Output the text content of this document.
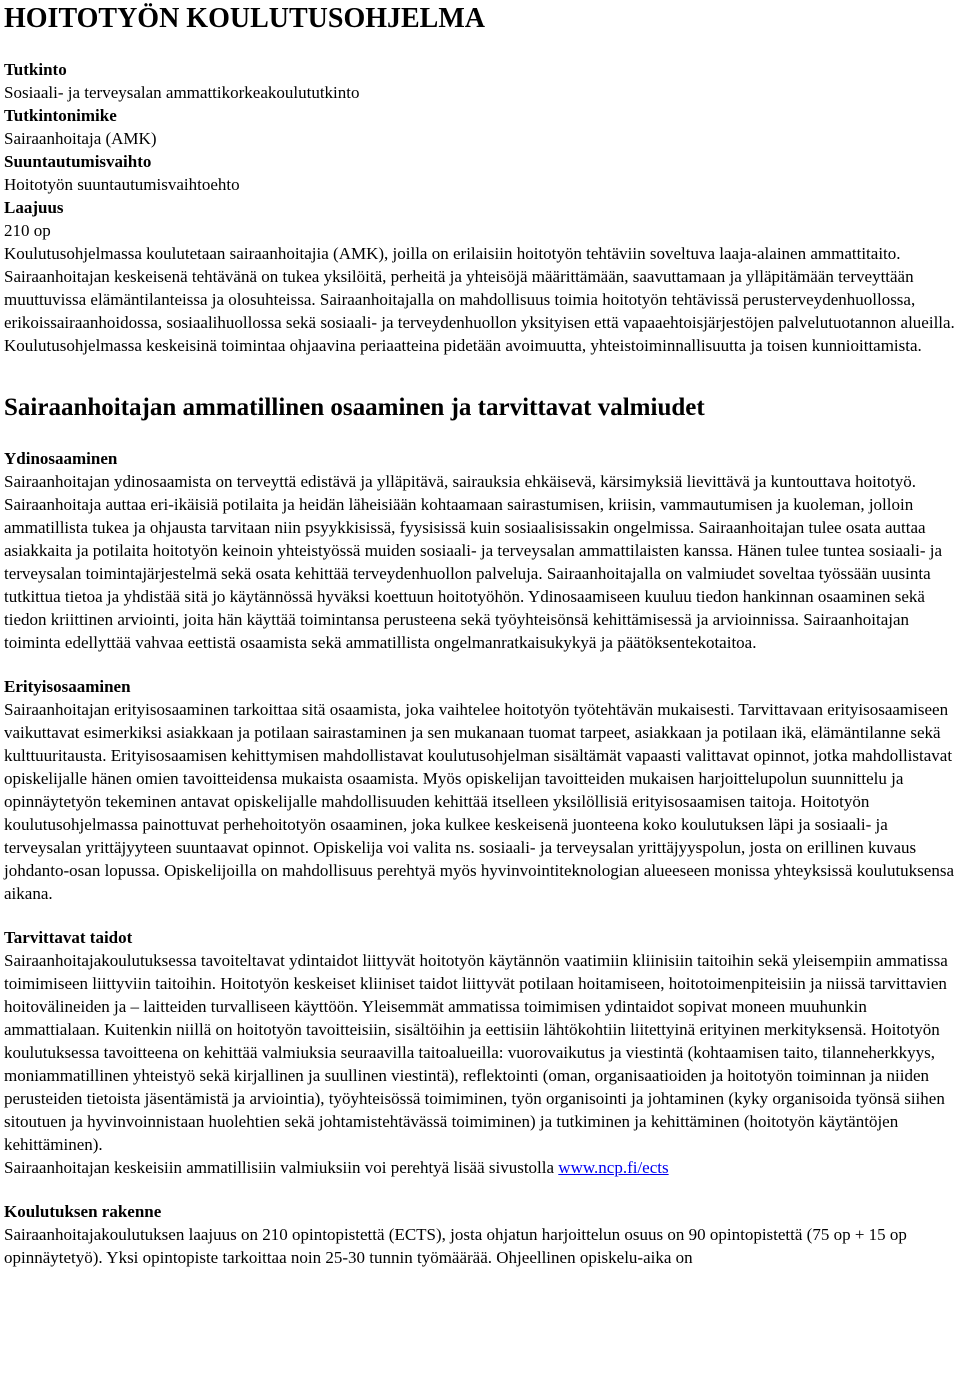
HOITOTYÖN KOULUTUSOHJELMA
Tutkinto
Sosiaali- ja terveysalan ammattikorkeakoulututkinto
Tutkintonimike
Sairaanhoitaja (AMK)
Suuntautumisvaihto
Hoitotyön suuntautumisvaihtoehto
Laajuus
210 op

Koulutusohjelmassa koulutetaan sairaanhoitajia (AMK), joilla on erilaisiin hoitotyön tehtäviin soveltuva laaja-alainen ammattitaito. Sairaanhoitajan keskeisenä tehtävänä on tukea yksilöitä, perheitä ja yhteisöjä määrittämään, saavuttamaan ja ylläpitämään terveyttään muuttuvissa elämäntilanteissa ja olosuhteissa. Sairaanhoitajalla on mahdollisuus toimia hoitotyön tehtävissä perusterveydenhuollossa, erikoissairaanhoidossa, sosiaalihuollossa sekä sosiaali- ja terveydenhuollon yksityisen että vapaaehtoisjärjestöjen palvelutuotannon alueilla. Koulutusohjelmassa keskeisinä toimintaa ohjaavina periaatteina pidetään avoimuutta, yhteistoiminnallisuutta ja toisen kunnioittamista.

Sairaanhoitajan ammatillinen osaaminen ja tarvittavat valmiudet
Ydinosaaminen

Sairaanhoitajan ydinosaamista on terveyttä edistävä ja ylläpitävä, sairauksia ehkäisevä, kärsimyksiä lievittävä ja kuntouttava hoitotyö. Sairaanhoitaja auttaa eri-ikäisiä potilaita ja heidän läheisiään kohtaamaan sairastumisen, kriisin, vammautumisen ja kuoleman, jolloin ammatillista tukea ja ohjausta tarvitaan niin psyykkisissä, fyysisissä kuin sosiaalisissakin ongelmissa. Sairaanhoitajan tulee osata auttaa asiakkaita ja potilaita hoitotyön keinoin yhteistyössä muiden sosiaali- ja terveysalan ammattilaisten kanssa. Hänen tulee tuntea sosiaali- ja terveysalan toimintajärjestelmä sekä osata kehittää terveydenhuollon palveluja. Sairaanhoitajalla on valmiudet soveltaa työssään uusinta tutkittua tietoa ja yhdistää sitä jo käytännössä hyväksi koettuun hoitotyöhön. Ydinosaamiseen kuuluu tiedon hankinnan osaaminen sekä tiedon kriittinen arviointi, joita hän käyttää toimintansa perusteena sekä työyhteisönsä kehittämisessä ja arvioinnissa. Sairaanhoitajan toiminta edellyttää vahvaa eettistä osaamista sekä ammatillista ongelmanratkaisukykyä ja päätöksentekotaitoa.

Erityisosaaminen

Sairaanhoitajan erityisosaaminen tarkoittaa sitä osaamista, joka vaihtelee hoitotyön työtehtävän mukaisesti. Tarvittavaan erityisosaamiseen vaikuttavat esimerkiksi asiakkaan ja potilaan sairastaminen ja sen mukanaan tuomat tarpeet, asiakkaan ja potilaan ikä, elämäntilanne sekä kulttuuritausta. Erityisosaamisen kehittymisen mahdollistavat koulutusohjelman sisältämät vapaasti valittavat opinnot, jotka mahdollistavat opiskelijalle hänen omien tavoitteidensa mukaista osaamista. Myös opiskelijan tavoitteiden mukaisen harjoittelupolun suunnittelu ja opinnäytetyön tekeminen antavat opiskelijalle mahdollisuuden kehittää itselleen yksilöllisiä erityisosaamisen taitoja. Hoitotyön koulutusohjelmassa painottuvat perhehoitotyön osaaminen, joka kulkee keskeisenä juonteena koko koulutuksen läpi ja sosiaali- ja terveysalan yrittäjyyteen suuntaavat opinnot. Opiskelija voi valita ns. sosiaali- ja terveysalan yrittäjyyspolun, josta on erillinen kuvaus johdanto-osan lopussa. Opiskelijoilla on mahdollisuus perehtyä myös hyvinvointiteknologian alueeseen monissa yhteyksissä koulutuksensa aikana.

Tarvittavat taidot

Sairaanhoitajakoulutuksessa tavoiteltavat ydintaidot liittyvät hoitotyön käytännön vaatimiin kliinisiin taitoihin sekä yleisempiin ammatissa toimimiseen liittyviin taitoihin. Hoitotyön keskeiset kliiniset taidot liittyvät potilaan hoitamiseen, hoitotoimenpiteisiin ja niissä tarvittavien hoitovälineiden ja – laitteiden turvalliseen käyttöön. Yleisemmät ammatissa toimimisen ydintaidot sopivat moneen muuhunkin ammattialaan. Kuitenkin niillä on hoitotyön tavoitteisiin, sisältöihin ja eettisiin lähtökohtiin liitettyinä erityinen merkityksensä. Hoitotyön koulutuksessa tavoitteena on kehittää valmiuksia seuraavilla taitoalueilla: vuorovaikutus ja viestintä (kohtaamisen taito, tilanneherkkyys, moniammatillinen yhteistyö sekä kirjallinen ja suullinen viestintä), reflektointi (oman, organisaatioiden ja hoitotyön toiminnan ja niiden perusteiden tietoista jäsentämistä ja arviointia), työyhteisössä toimiminen, työn organisointi ja johtaminen (kyky organisoida työnsä siihen sitoutuen ja hyvinvoinnistaan huolehtien sekä johtamistehtävässä toimiminen) ja tutkiminen ja kehittäminen (hoitotyön käytäntöjen kehittäminen).

Sairaanhoitajan keskeisiin ammatillisiin valmiuksiin voi perehtyä lisää sivustolla www.ncp.fi/ects

Koulutuksen rakenne

Sairaanhoitajakoulutuksen laajuus on 210 opintopistettä (ECTS), josta ohjatun harjoittelun osuus on 90 opintopistettä (75 op + 15 op opinnäytetyö). Yksi opintopiste tarkoittaa noin 25-30 tunnin työmäärää. Ohjeellinen opiskelu-aika on
